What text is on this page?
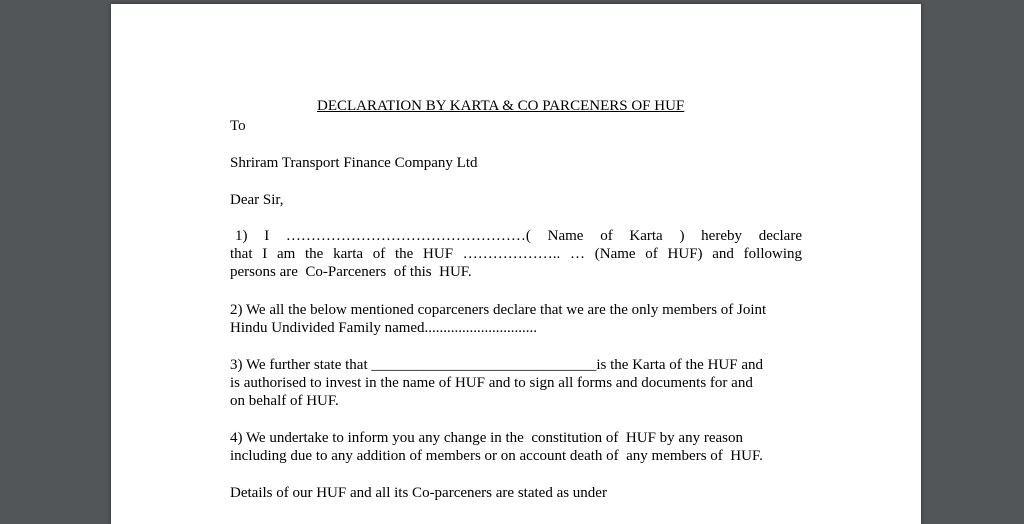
DECLARATION BY KARTA & CO PARCENERS OF HUF
To
Shriram Transport Finance Company Ltd
Dear Sir,
1) I …………………………………………( Name of Karta ) hereby declare
that I am the karta of the HUF ……………….. … (Name of HUF) and following
persons are  Co-Parceners  of this  HUF.
2) We all the below mentioned coparceners declare that we are the only members of Joint
Hindu Undivided Family named..............................
3) We further state that ______________________________is the Karta of the HUF and
is authorised to invest in the name of HUF and to sign all forms and documents for and
on behalf of HUF.
4) We undertake to inform you any change in the  constitution of  HUF by any reason
including due to any addition of members or on account death of  any members of  HUF.
Details of our HUF and all its Co-parceners are stated as under
